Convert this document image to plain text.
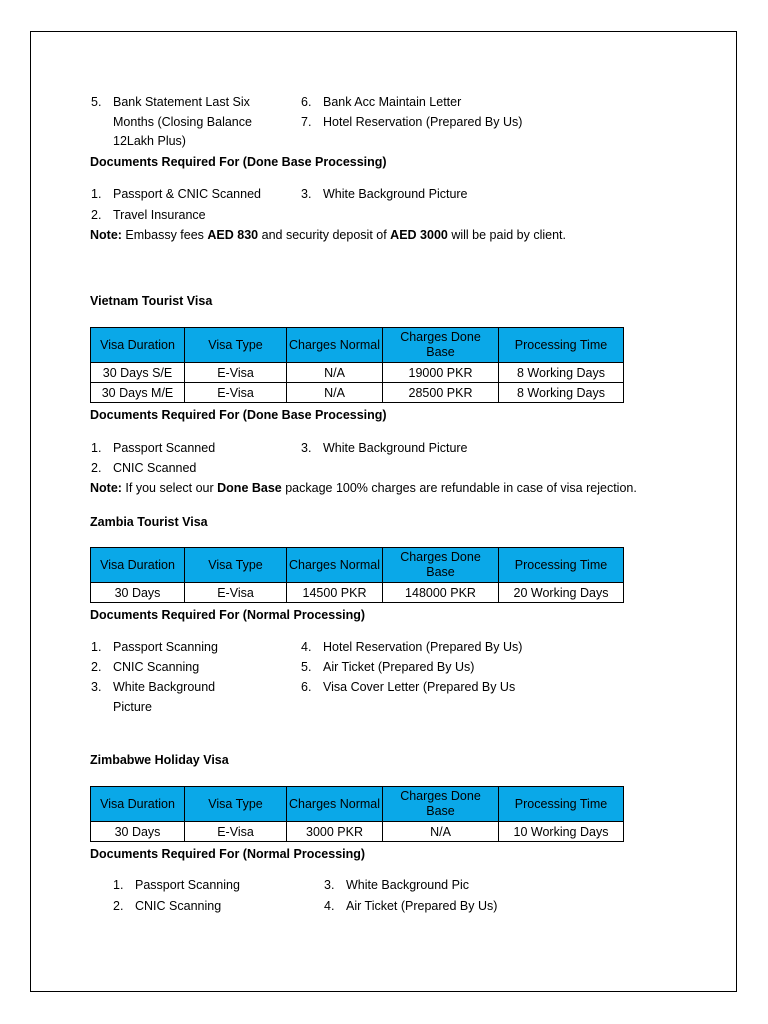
5. Bank Statement Last Six
Months (Closing Balance
12Lakh Plus)
6. Bank Acc Maintain Letter
7. Hotel Reservation (Prepared By Us)
Documents Required For (Done Base Processing)
1. Passport & CNIC Scanned
2. Travel Insurance
3. White Background Picture
Note: Embassy fees AED 830 and security deposit of AED 3000 will be paid by client.
Vietnam Tourist Visa
Visa Duration	Visa Type	Charges Normal	Charges Done Base	Processing Time
30 Days S/E	E-Visa	N/A	19000 PKR	8 Working Days
30 Days M/E	E-Visa	N/A	28500 PKR	8 Working Days
Documents Required For (Done Base Processing)
1. Passport Scanned
2. CNIC Scanned
3. White Background Picture
Note: If you select our Done Base package 100% charges are refundable in case of visa rejection.
Zambia Tourist Visa
Visa Duration	Visa Type	Charges Normal	Charges Done Base	Processing Time
30 Days	E-Visa	14500 PKR	148000 PKR	20 Working Days
Documents Required For (Normal Processing)
1. Passport Scanning
2. CNIC Scanning
3. White Background
Picture
4. Hotel Reservation (Prepared By Us)
5. Air Ticket (Prepared By Us)
6. Visa Cover Letter (Prepared By Us
Zimbabwe Holiday Visa
Visa Duration	Visa Type	Charges Normal	Charges Done Base	Processing Time
30 Days	E-Visa	3000 PKR	N/A	10 Working Days
Documents Required For (Normal Processing)
1. Passport Scanning
2. CNIC Scanning
3. White Background Pic
4. Air Ticket (Prepared By Us)
